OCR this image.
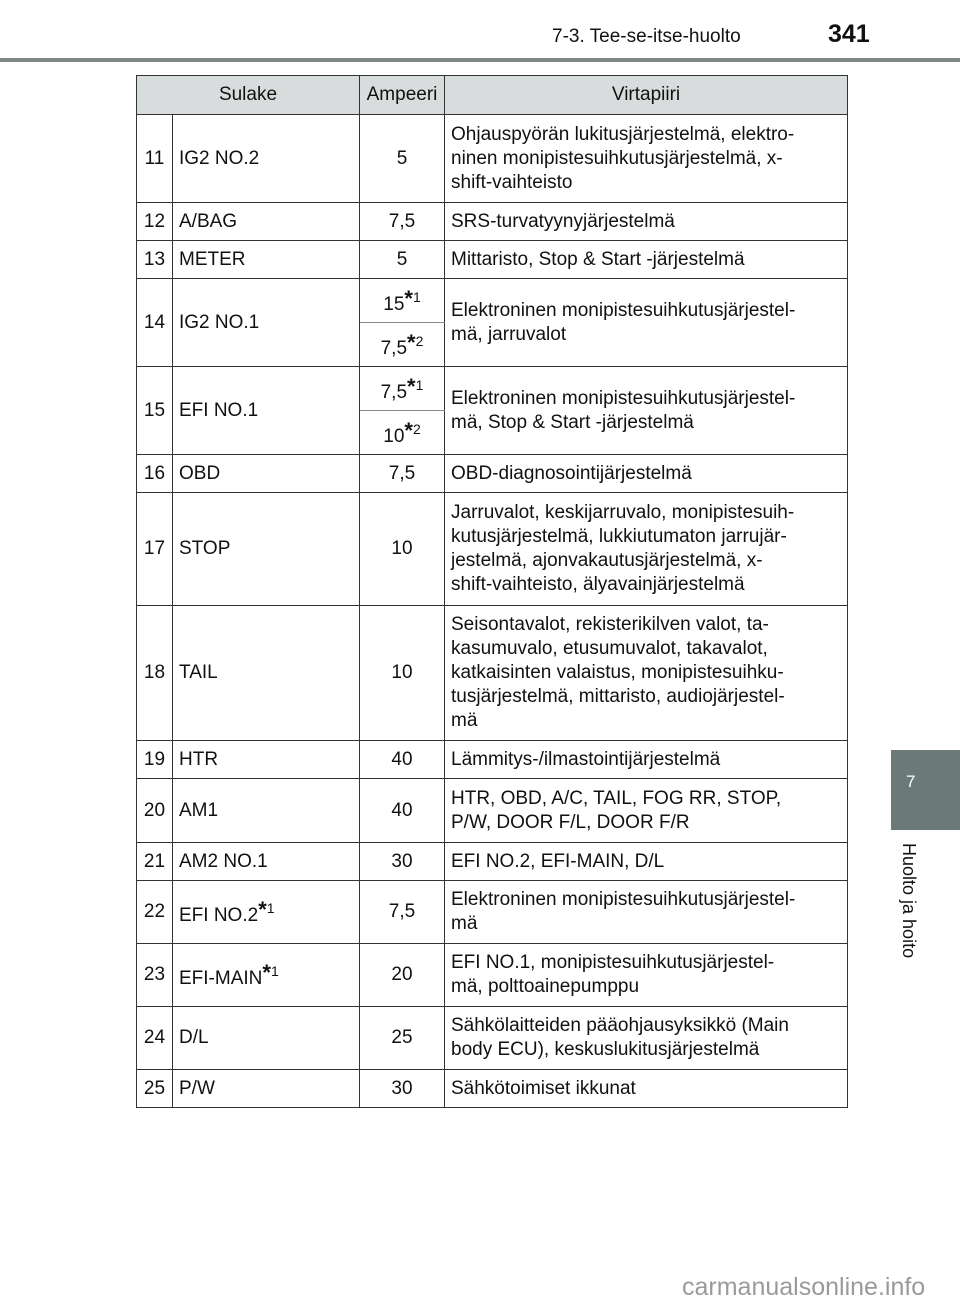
7-3. Tee-se-itse-huolto	341
Sulake		Ampeeri	Virtapiiri
11	IG2 NO.2	5	Ohjauspyörän lukitusjärjestelmä, elektro-
ninen monipistesuihkutusjärjestelmä, x-
shift-vaihteisto
12	A/BAG	7,5	SRS-turvatyynyjärjestelmä
13	METER	5	Mittaristo, Stop & Start -järjestelmä
14	IG2 NO.1	15*$^1$	Elektroninen monipistesuihkutusjärjestel-
mä, jarruvalot
		7,5*$^2$
15	EFI NO.1	7,5*$^1$	Elektroninen monipistesuihkutusjärjestel-
mä, Stop & Start -järjestelmä
		10*$^2$
16	OBD	7,5	OBD-diagnosointijärjestelmä
17	STOP	10	Jarruvalot, keskijarruvalo, monipistesuih-
kutusjärjestelmä, lukkiutumaton jarrujär-
jestelmä, ajonvakautusjärjestelmä, x-
shift-vaihteisto, älyavainjärjestelmä
18	TAIL	10	Seisontavalot, rekisterikilven valot, ta-
kasumuvalo, etusumuvalot, takavalot,
katkaisinten valaistus, monipistesuihku-
tusjärjestelmä, mittaristo, audiojärjestel-
mä
19	HTR	40	Lämmitys-/ilmastointijärjestelmä
20	AM1	40	HTR, OBD, A/C, TAIL, FOG RR, STOP,
P/W, DOOR F/L, DOOR F/R
21	AM2 NO.1	30	EFI NO.2, EFI-MAIN, D/L
22	EFI NO.2*$^1$	7,5	Elektroninen monipistesuihkutusjärjestel-
mä
23	EFI-MAIN*$^1$	20	EFI NO.1, monipistesuihkutusjärjestel-
mä, polttoainepumppu
24	D/L	25	Sähkölaitteiden pääohjausyksikkö (Main
body ECU), keskuslukitusjärjestelmä
25	P/W	30	Sähkötoimiset ikkunat
7
Huolto ja hoito
carmanualsonline.info
